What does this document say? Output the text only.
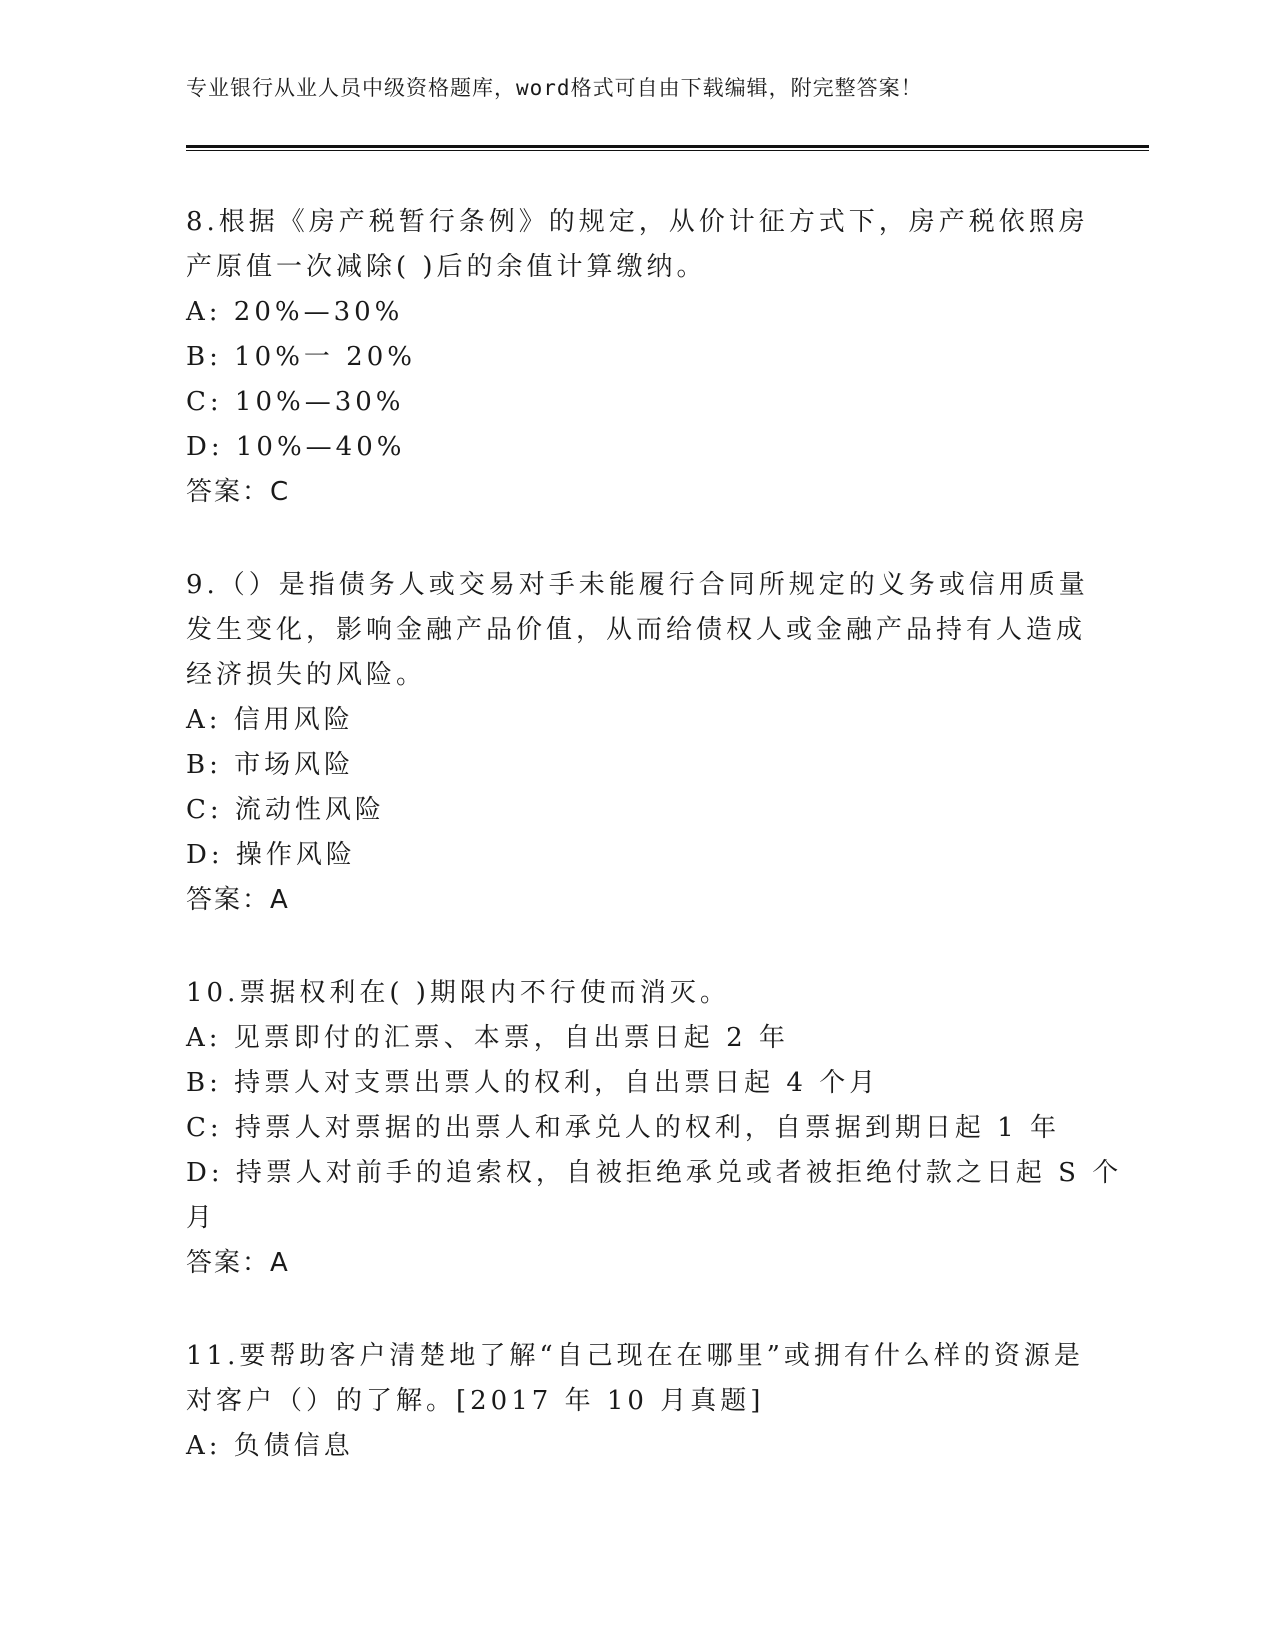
专业银行从业人员中级资格题库，word格式可自由下载编辑，附完整答案！
8.根据《房产税暂行条例》的规定，从价计征方式下，房产税依照房
产原值一次减除( )后的余值计算缴纳。
A: 20%—30%
B: 10%一 20%
C: 10%—30%
D: 10%—40%
答案：C
9.（）是指债务人或交易对手未能履行合同所规定的义务或信用质量
发生变化，影响金融产品价值，从而给债权人或金融产品持有人造成
经济损失的风险。
A: 信用风险
B: 市场风险
C: 流动性风险
D: 操作风险
答案：A
10.票据权利在( )期限内不行使而消灭。
A: 见票即付的汇票、本票，自出票日起 2 年
B: 持票人对支票出票人的权利，自出票日起 4 个月
C: 持票人对票据的出票人和承兑人的权利，自票据到期日起 1 年
D: 持票人对前手的追索权，自被拒绝承兑或者被拒绝付款之日起 S 个
月
答案：A
11.要帮助客户清楚地了解“自己现在在哪里”或拥有什么样的资源是
对客户（）的了解。[2017 年 10 月真题]
A: 负债信息
